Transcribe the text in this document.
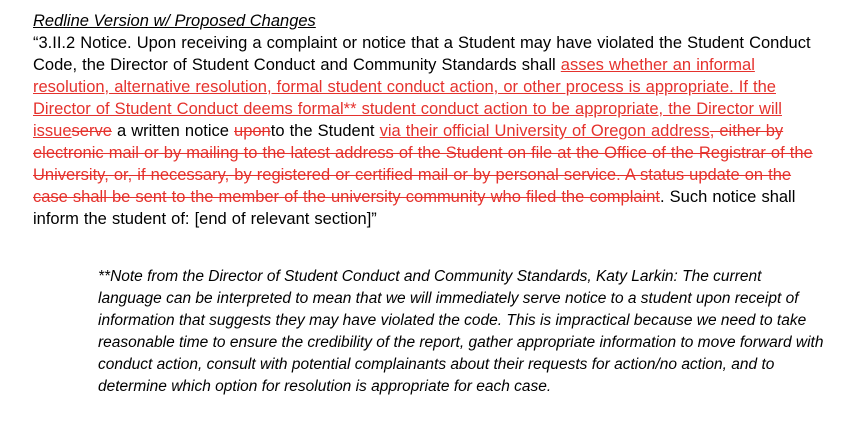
Redline Version w/ Proposed Changes

“3.II.2 Notice. Upon receiving a complaint or notice that a Student may have violated the Student Conduct Code, the Director of Student Conduct and Community Standards shall asses whether an informal resolution, alternative resolution, formal student conduct action, or other process is appropriate. If the Director of Student Conduct deems formal** student conduct action to be appropriate, the Director will issueserve a written notice uponto the Student via their official University of Oregon address, either by electronic mail or by mailing to the latest address of the Student on file at the Office of the Registrar of the University, or, if necessary, by registered or certified mail or by personal service. A status update on the case shall be sent to the member of the university community who filed the complaint. Such notice shall inform the student of: [end of relevant section]”

**Note from the Director of Student Conduct and Community Standards, Katy Larkin: The current language can be interpreted to mean that we will immediately serve notice to a student upon receipt of information that suggests they may have violated the code. This is impractical because we need to take reasonable time to ensure the credibility of the report, gather appropriate information to move forward with conduct action, consult with potential complainants about their requests for action/no action, and to determine which option for resolution is appropriate for each case.
